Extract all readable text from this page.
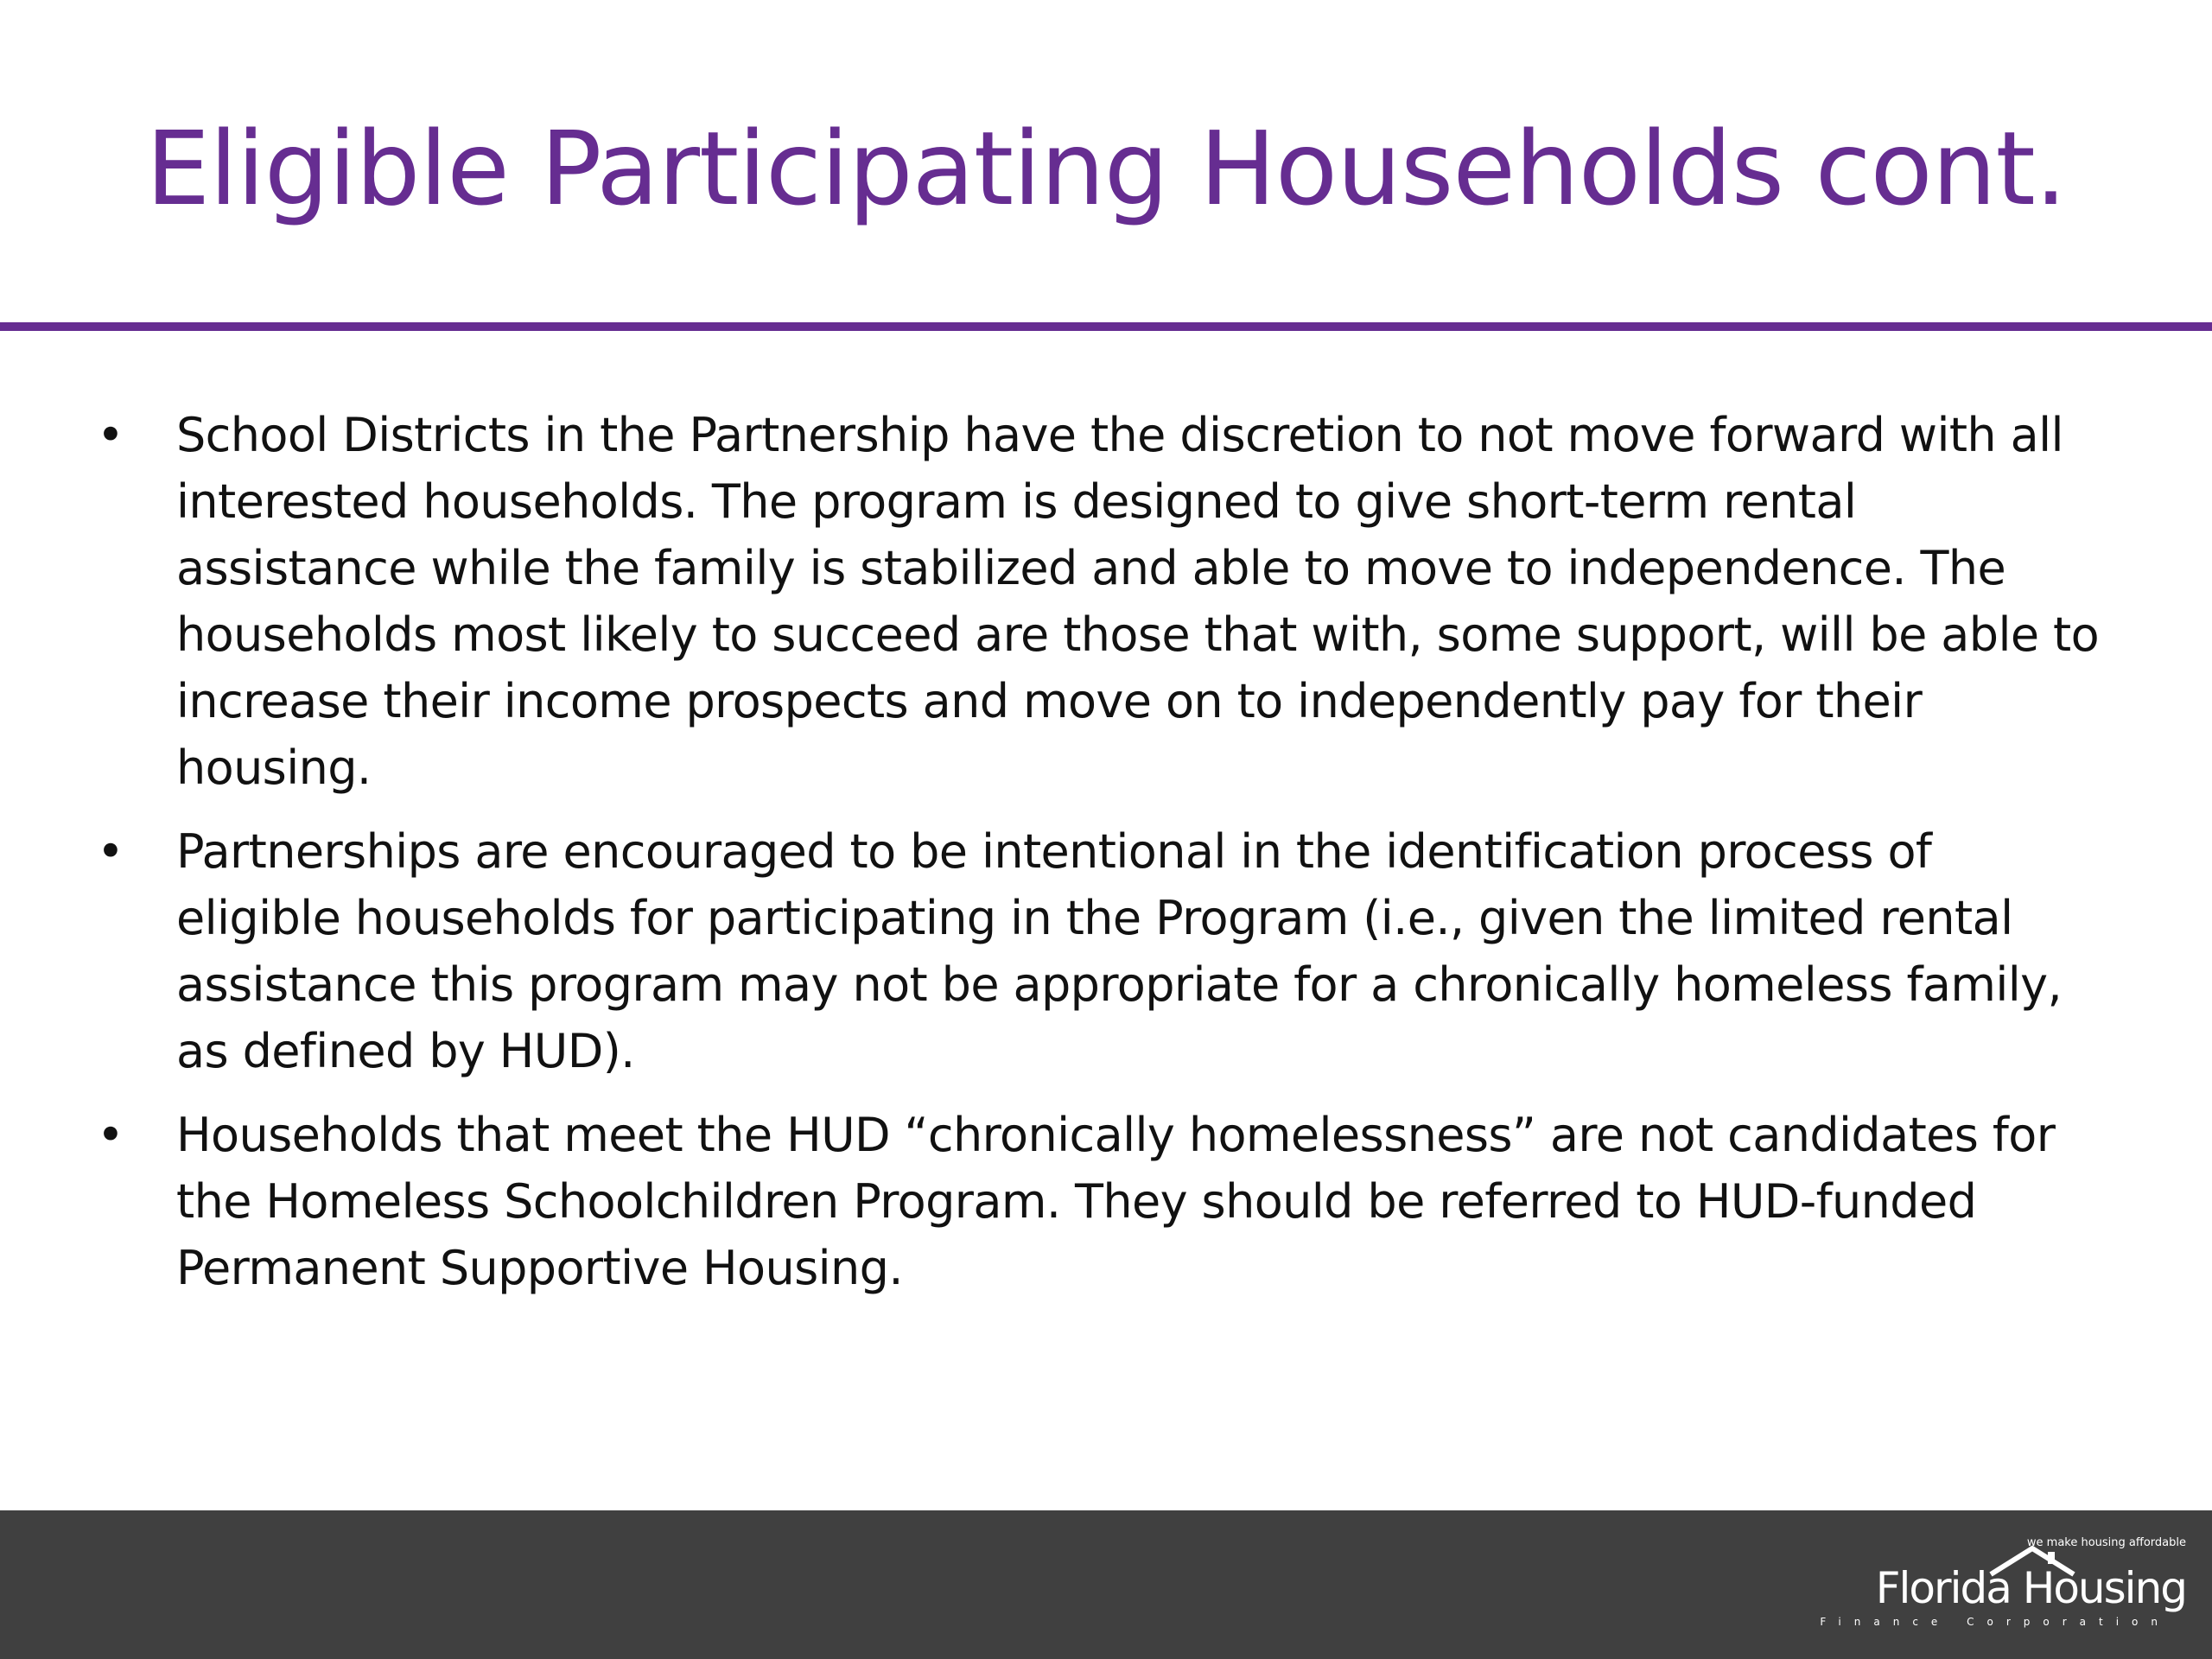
Eligible Participating Households cont.
• School Districts in the Partnership have the discretion to not move forward with all interested households. The program is designed to give short-term rental assistance while the family is stabilized and able to move to independence. The households most likely to succeed are those that with, some support, will be able to increase their income prospects and move on to independently pay for their housing.
• Partnerships are encouraged to be intentional in the identification process of eligible households for participating in the Program (i.e., given the limited rental assistance this program may not be appropriate for a chronically homeless family, as defined by HUD).
• Households that meet the HUD “chronically homelessness” are not candidates for the Homeless Schoolchildren Program. They should be referred to HUD-funded Permanent Supportive Housing.
we make housing affordable
Florida Housing
Finance Corporation
